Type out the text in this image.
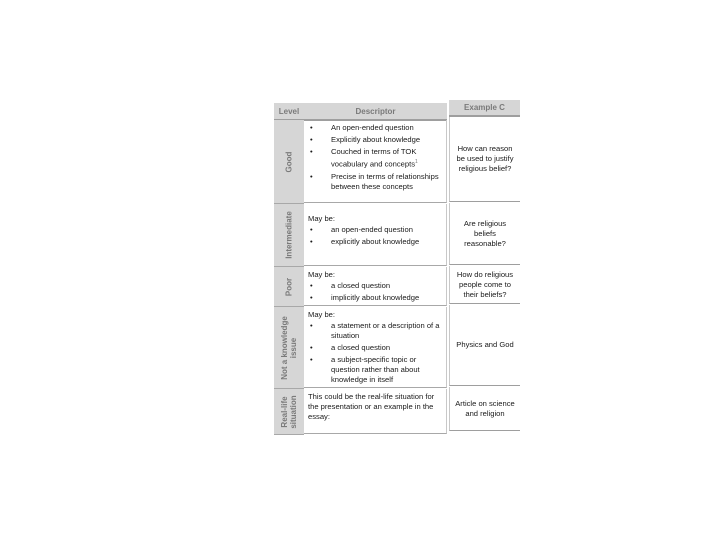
Level	Descriptor	Example C
Good
• An open-ended question
• Explicitly about knowledge
• Couched in terms of TOK vocabulary and concepts$^1$
• Precise in terms of relationships between these concepts
How can reason be used to justify religious belief?
Intermediate May be:

• an open-ended question
• explicitly about knowledge
Are religious beliefs reasonable?
Poor

May be:

• a closed question
• implicitly about knowledge
How do religious people come to their beliefs?
Not a knowledge issue

May be:

• a statement or a description of a situation
• a closed question
• a subject-specific topic or question rather than about knowledge in itself
Physics and God
Real-life situation This could be the real-life situation for the presentation or an example in the essay:

Article on science and religion
